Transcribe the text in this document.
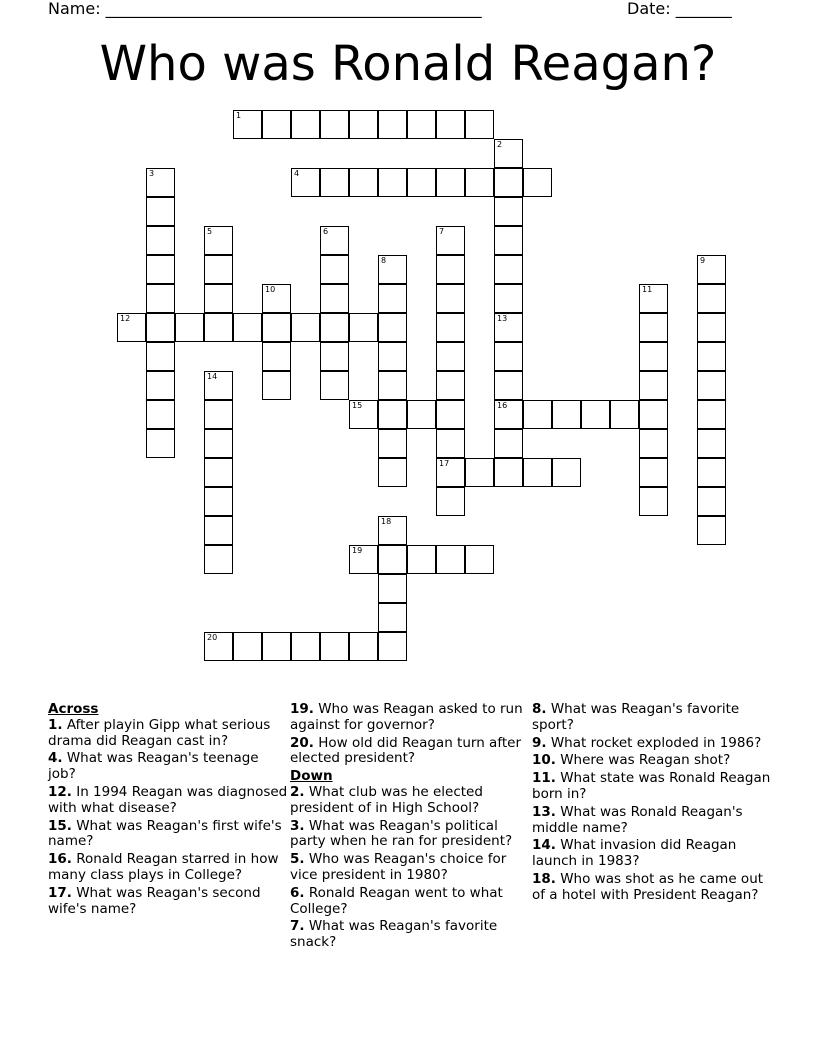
Name: _______________________________________________	Date: _______
Who was Ronald Reagan?
1
2
3	4
5	6	7
17
8	9
10	11
12	13
16
14
15
18
19
20
Across
1. After playin Gipp what serious drama did Reagan cast in?
4. What was Reagan's teenage job?
12. In 1994 Reagan was diagnosed with what disease?
15. What was Reagan's first wife's name?
16. Ronald Reagan starred in how many class plays in College?
17. What was Reagan's second wife's name?
19. Who was Reagan asked to run against for governor?
20. How old did Reagan turn after elected president?
Down
2. What club was he elected president of in High School?
3. What was Reagan's political party when he ran for president?
5. Who was Reagan's choice for vice president in 1980?
6. Ronald Reagan went to what College?
7. What was Reagan's favorite snack?
8. What was Reagan's favorite sport?
9. What rocket exploded in 1986?
10. Where was Reagan shot?
11. What state was Ronald Reagan born in?
13. What was Ronald Reagan's middle name?
14. What invasion did Reagan launch in 1983?
18. Who was shot as he came out of a hotel with President Reagan?
